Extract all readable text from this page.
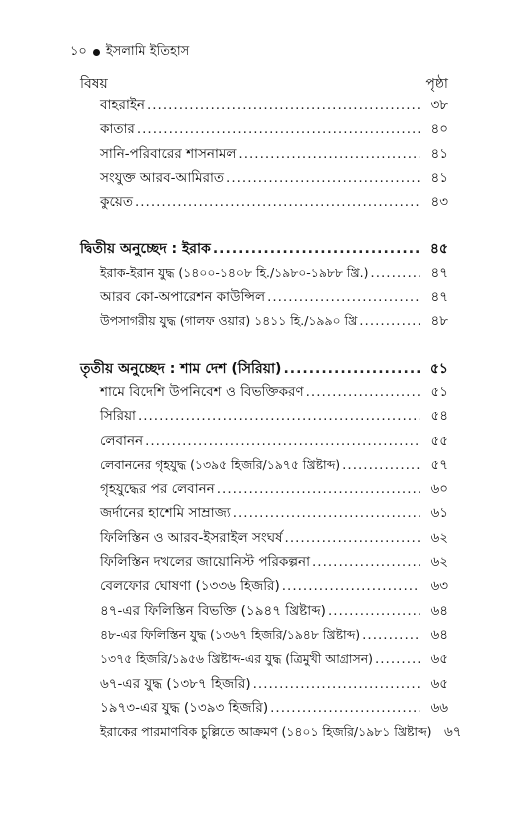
১০ ইসলামি ইতিহাস
বিষয়	পৃষ্ঠা
বাহরাইন .....	৩৮
কাতার .....	৪০
সানি-পরিবারের শাসনামল .....	৪১
সংযুক্ত আরব-আমিরাত .....	৪১
কুয়েত .....	৪৩
দ্বিতীয় অনুচ্ছেদ : ইরাক .....	৪৫
ইরাক-ইরান যুদ্ধ (১৪০০-১৪০৮ হি./১৯৮০-১৯৮৮ খ্রি.) .....	৪৭
আরব কো-অপারেশন কাউন্সিল .....	৪৭
উপসাগরীয় যুদ্ধ (গালফ ওয়ার) ১৪১১ হি./১৯৯০ খ্রি .....	৪৮
তৃতীয় অনুচ্ছেদ : শাম দেশ (সিরিয়া) .....	৫১
শামে বিদেশি উপনিবেশ ও বিভক্তিকরণ .....	৫১
সিরিয়া .....	৫৪
লেবানন .....	৫৫
লেবাননের গৃহযুদ্ধ (১৩৯৫ হিজরি/১৯৭৫ খ্রিষ্টাব্দ) .....	৫৭
গৃহযুদ্ধের পর লেবানন .....	৬০
জর্দানের হাশেমি সাম্রাজ্য .....	৬১
ফিলিস্তিন ও আরব-ইসরাইল সংঘর্ষ .....	৬২
ফিলিস্তিন দখলের জায়োনিস্ট পরিকল্পনা .....	৬২
বেলফোর ঘোষণা (১৩৩৬ হিজরি) .....	৬৩
৪৭-এর ফিলিস্তিন বিভক্তি (১৯৪৭ খ্রিষ্টাব্দ) .....	৬৪
৪৮-এর ফিলিস্তিন যুদ্ধ (১৩৬৭ হিজরি/১৯৪৮ খ্রিষ্টাব্দ) .....	৬৪
১৩৭৫ হিজরি/১৯৫৬ খ্রিষ্টাব্দ-এর যুদ্ধ (ত্রিমুখী আগ্রাসন) .....	৬৫
৬৭-এর যুদ্ধ (১৩৮৭ হিজরি) .....	৬৫
১৯৭৩-এর যুদ্ধ (১৩৯৩ হিজরি) .....	৬৬
ইরাকের পারমাণবিক চুল্লিতে আক্রমণ (১৪০১ হিজরি/১৯৮১ খ্রিষ্টাব্দ) ৬৭
